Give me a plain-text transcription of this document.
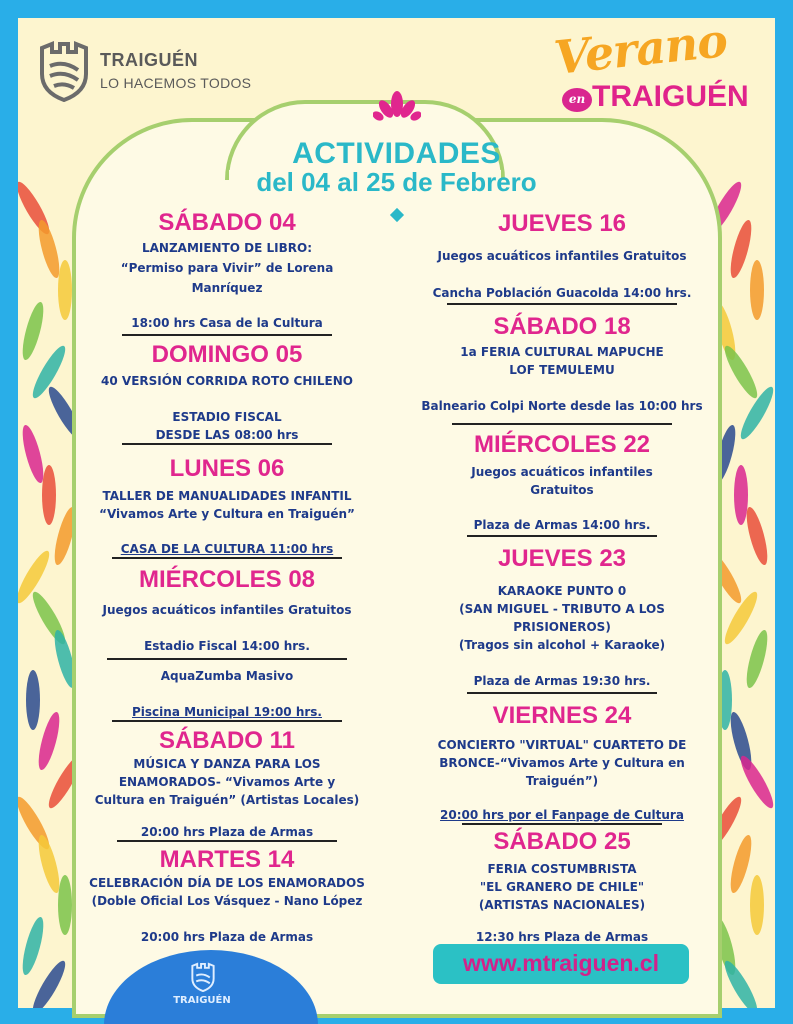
TRAIGUÉN
LO HACEMOS TODOS	Verano
en TRAIGUÉN
ACTIVIDADES
del 04 al 25 de Febrero
SÁBADO 04
LANZAMIENTO DE LIBRO:
“Permiso para Vivir” de Lorena
Manríquez
18:00 hrs Casa de la Cultura
DOMINGO 05
40 VERSIÓN CORRIDA ROTO CHILENO
ESTADIO FISCAL
DESDE LAS 08:00 hrs
LUNES 06
TALLER DE MANUALIDADES INFANTIL
“Vivamos Arte y Cultura en Traiguén”
CASA DE LA CULTURA 11:00 hrs
MIÉRCOLES 08
Juegos acuáticos infantiles Gratuitos
Estadio Fiscal 14:00 hrs.
AquaZumba Masivo
Piscina Municipal 19:00 hrs.
SÁBADO 11
MÚSICA Y DANZA PARA LOS
ENAMORADOS- “Vivamos Arte y
Cultura en Traiguén” (Artistas Locales)
20:00 hrs Plaza de Armas
MARTES 14
CELEBRACIÓN DÍA DE LOS ENAMORADOS
(Doble Oficial Los Vásquez - Nano López
20:00 hrs Plaza de Armas
JUEVES 16
Juegos acuáticos infantiles Gratuitos
Cancha Población Guacolda 14:00 hrs.
SÁBADO 18
1a FERIA CULTURAL MAPUCHE
LOF TEMULEMU
Balneario Colpi Norte desde las 10:00 hrs
MIÉRCOLES 22
Juegos acuáticos infantiles
Gratuitos
Plaza de Armas 14:00 hrs.
JUEVES 23
KARAOKE PUNTO 0
(SAN MIGUEL - TRIBUTO A LOS
PRISIONEROS)
(Tragos sin alcohol + Karaoke)
Plaza de Armas 19:30 hrs.
VIERNES 24
CONCIERTO "VIRTUAL" CUARTETO DE
BRONCE-“Vivamos Arte y Cultura en
Traiguén”)
20:00 hrs por el Fanpage de Cultura
SÁBADO 25
FERIA COSTUMBRISTA
"EL GRANERO DE CHILE"
(ARTISTAS NACIONALES)
12:30 hrs Plaza de Armas
www.mtraiguen.cl
TRAIGUÉN
